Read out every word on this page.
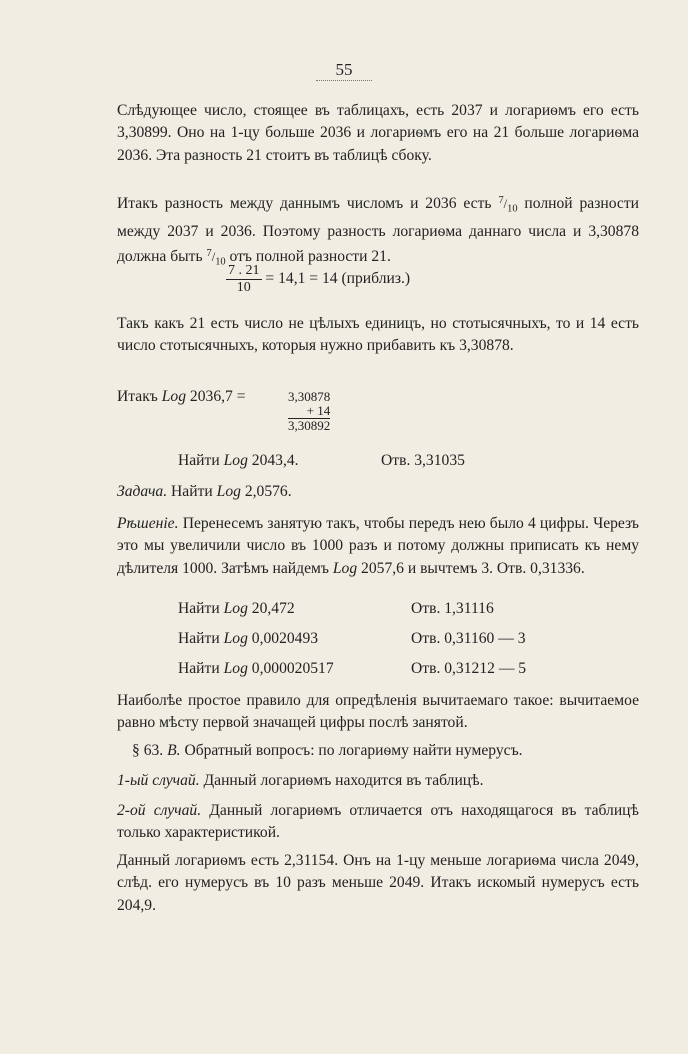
55

Слѣдующее число, стоящее въ таблицахъ, есть 2037 и логариѳмъ его есть 3,30899. Оно на 1-цу больше 2036 и логариѳмъ его на 21 больше логариѳма 2036. Эта разность 21 стоитъ въ таблицѣ сбоку.

Итакъ разность между даннымъ числомъ и 2036 есть $^7/_{10}$ полной разности между 2037 и 2036. Поэтому разность логариѳма даннаго числа и 3,30878 должна быть $^7/_{10}$ отъ полной разности 21.

$\frac{7 . 21}{10} = 14,1 = 14$ (приблиз.)

Такъ какъ 21 есть число не цѣлыхъ единицъ, но стотысячныхъ, то и 14 есть число стотысячныхъ, которыя нужно прибавить къ 3,30878.

Итакъ Log 2036,7 =	3,30878
+ 14
3,30892
Найти Log 2043,4.	Отв. 3,31035
Задача. Найти Log 2,0576.

Рѣшеніе. Перенесемъ занятую такъ, чтобы передъ нею было 4 цифры. Черезъ это мы увеличили число въ 1000 разъ и потому должны приписать къ нему дѣлителя 1000. Затѣмъ найдемъ Log 2057,6 и вычтемъ 3. Отв. 0,31336.

Найти Log 20,472	Отв. 1,31116
Найти Log 0,0020493	Отв. 0,31160 — 3
Найти Log 0,000020517	Отв. 0,31212 — 5

Наиболѣе простое правило для опредѣленія вычитаемаго такое: вычитаемое равно мѣсту первой значащей цифры послѣ занятой.

§ 63. B. Обратный вопросъ: по логариѳму найти нумерусъ.
1-ый случай. Данный логариѳмъ находится въ таблицѣ.

2-ой случай. Данный логариѳмъ отличается отъ находящагося въ таблицѣ только характеристикой.

Данный логариѳмъ есть 2,31154. Онъ на 1-цу меньше логариѳма числа 2049, слѣд. его нумерусъ въ 10 разъ меньше 2049. Итакъ искомый нумерусъ есть 204,9.
